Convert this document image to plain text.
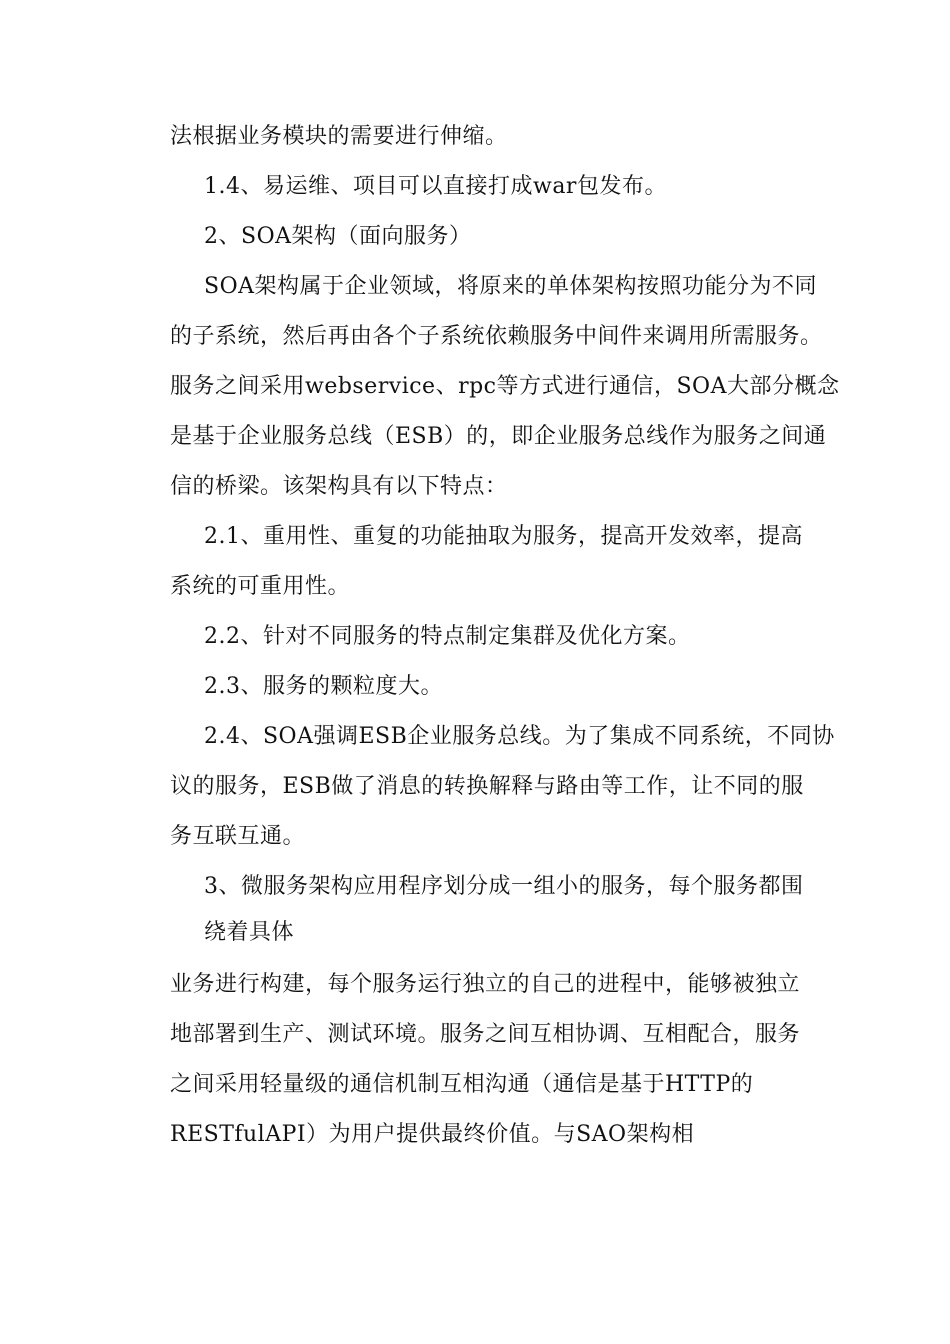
法根据业务模块的需要进行伸缩。
1.4、易运维、项目可以直接打成war包发布。
2、SOA架构（面向服务）
SOA架构属于企业领域，将原来的单体架构按照功能分为不同
的子系统，然后再由各个子系统依赖服务中间件来调用所需服务。
服务之间采用webservice、rpc等方式进行通信，SOA大部分概念
是基于企业服务总线（ESB）的，即企业服务总线作为服务之间通
信的桥梁。该架构具有以下特点：
2.1、重用性、重复的功能抽取为服务，提高开发效率，提高
系统的可重用性。
2.2、针对不同服务的特点制定集群及优化方案。
2.3、服务的颗粒度大。
2.4、SOA强调ESB企业服务总线。为了集成不同系统，不同协
议的服务，ESB做了消息的转换解释与路由等工作，让不同的服
务互联互通。
3、微服务架构应用程序划分成一组小的服务，每个服务都围
绕着具体
业务进行构建，每个服务运行独立的自己的进程中，能够被独立
地部署到生产、测试环境。服务之间互相协调、互相配合，服务
之间采用轻量级的通信机制互相沟通（通信是基于HTTP的
RESTfulAPI）为用户提供最终价值。与SAO架构相
